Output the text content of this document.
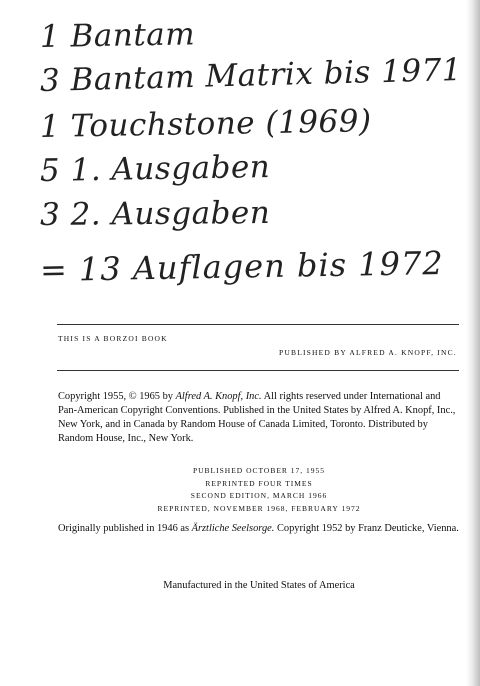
1 Bantam
3 Bantam Matrix bis 1971
1 Touchstone (1969)
5 1. Ausgaben
3 2. Ausgaben
= 13 Auflagen bis 1972
THIS IS A BORZOI BOOK
PUBLISHED BY ALFRED A. KNOPF, INC.
Copyright 1955, © 1965 by Alfred A. Knopf, Inc. All rights reserved under International and Pan-American Copyright Conventions. Published in the United States by Alfred A. Knopf, Inc., New York, and in Canada by Random House of Canada Limited, Toronto. Distributed by Random House, Inc., New York.
PUBLISHED OCTOBER 17, 1955
REPRINTED FOUR TIMES
SECOND EDITION, MARCH 1966
REPRINTED, NOVEMBER 1968, FEBRUARY 1972
Originally published in 1946 as Ärztliche Seelsorge. Copyright 1952 by Franz Deuticke, Vienna.
Manufactured in the United States of America
